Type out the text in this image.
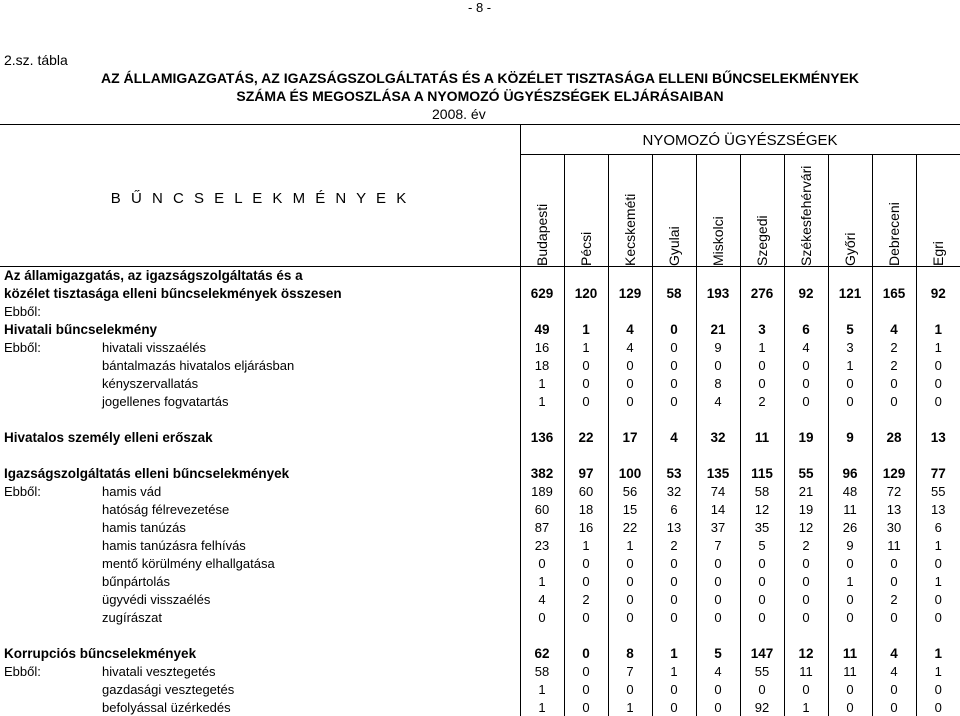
- 8 -
2.sz. tábla
AZ ÁLLAMIGAZGATÁS, AZ IGAZSÁGSZOLGÁLTATÁS ÉS A KÖZÉLET TISZTASÁGA ELLENI BŰNCSELEKMÉNYEK
SZÁMA ÉS MEGOSZLÁSA A NYOMOZÓ ÜGYÉSZSÉGEK ELJÁRÁSAIBAN
2008. év
NYOMOZÓ ÜGYÉSZSÉGEK
B Ű N C S E L E K M É N Y E K
Budapesti Pécsi Kecskeméti Gyulai Miskolci Szegedi Székesfehérvári Győri Debreceni Egri
Az államigazgatás, az igazságszolgáltatás és a										
közélet tisztasága elleni bűncselekmények összesen	629	120	129	58	193	276	92	121	165	92
Ebből:										
Hivatali bűncselekmény	49	1	4	0	21	3	6	5	4	1
Ebből: hivatali visszaélés	16	1	4	0	9	1	4	3	2	1
bántalmazás hivatalos eljárásban	18	0	0	0	0	0	0	1	2	0
kényszervallatás	1	0	0	0	8	0	0	0	0	0
jogellenes fogvatartás	1	0	0	0	4	2	0	0	0	0

Hivatalos személy elleni erőszak	136	22	17	4	32	11	19	9	28	13

Igazságszolgáltatás elleni bűncselekmények	382	97	100	53	135	115	55	96	129	77
Ebből: hamis vád	189	60	56	32	74	58	21	48	72	55
hatóság félrevezetése	60	18	15	6	14	12	19	11	13	13
hamis tanúzás	87	16	22	13	37	35	12	26	30	6
hamis tanúzásra felhívás	23	1	1	2	7	5	2	9	11	1
mentő körülmény elhallgatása	0	0	0	0	0	0	0	0	0	0
bűnpártolás	1	0	0	0	0	0	0	1	0	1
ügyvédi visszaélés	4	2	0	0	0	0	0	0	2	0
zugírászat	0	0	0	0	0	0	0	0	0	0

Korrupciós bűncselekmények	62	0	8	1	5	147	12	11	4	1
Ebből: hivatali vesztegetés	58	0	7	1	4	55	11	11	4	1
gazdasági vesztegetés	1	0	0	0	0	0	0	0	0	0
befolyással üzérkedés	1	0	1	0	0	92	1	0	0	0
